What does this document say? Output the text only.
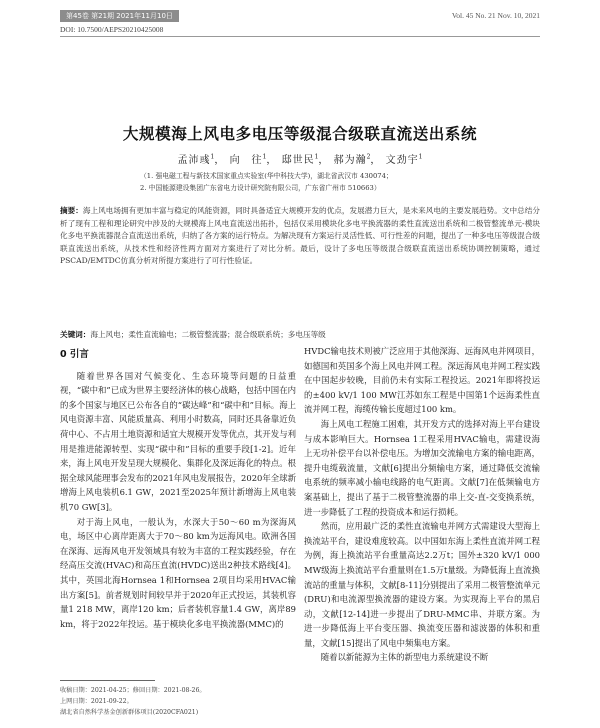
第45卷 第21期 2021年11月10日	Vol. 45 No. 21 Nov. 10, 2021
DOI: 10.7500/AEPS20210425008
大规模海上风电多电压等级混合级联直流送出系统
孟沛彧$^1$， 向　往$^1$， 邸世民$^1$， 郝为瀚$^2$， 文劲宇$^1$
（1. 强电磁工程与新技术国家重点实验室(华中科技大学)，湖北省武汉市 430074；
2. 中国能源建设集团广东省电力设计研究院有限公司，广东省广州市 510663）
摘要：海上风电场拥有更加丰富与稳定的风能资源，同时具备适宜大规模开发的优点，发展潜力巨大，是未来风电的主要发展趋势。文中总结分析了现有工程和理论研究中涉及的大规模海上风电直流送出拓扑，包括仅采用模块化多电平换流器的柔性直流送出系统和二极管整流单元-模块化多电平换流器混合直流送出系统，归纳了各方案的运行特点。为解决现有方案运行灵活性低、可行性差的问题，提出了一种多电压等级混合级联直流送出系统，从技术性和经济性两方面对方案进行了对比分析。最后，设计了多电压等级混合级联直流送出系统协调控制策略，通过PSCAD/EMTDC仿真分析对所提方案进行了可行性验证。
关键词：海上风电；柔性直流输电；二极管整流器；混合级联系统；多电压等级
0 引言

随着世界各国对气候变化、生态环境等问题的日益重视，“碳中和”已成为世界主要经济体的核心战略，包括中国在内的多个国家与地区已公布各自的“碳达峰”和“碳中和”目标。海上风电资源丰富、风能质量高、利用小时数高，同时还具备靠近负荷中心、不占用土地资源和适宜大规模开发等优点，其开发与利用是推进能源转型、实现“碳中和”目标的重要手段[1-2]。近年来，海上风电开发呈现大规模化、集群化及深远海化的特点。根据全球风能理事会发布的2021年风电发展报告，2020年全球新增海上风电装机6.1 GW，2021至2025年预计新增海上风电装机70 GW[3]。

对于海上风电，一般认为，水深大于50～60 m为深海风电，场区中心离岸距离大于70～80 km为远海风电。欧洲各国在深海、远海风电开发领域具有较为丰富的工程实践经验，存在经高压交流(HVAC)和高压直流(HVDC)送出2种技术路线[4]。其中，英国北海Hornsea 1和Hornsea 2项目均采用HVAC输出方案[5]。前者规划时间较早并于2020年正式投运，其装机容量1 218 MW，离岸120 km；后者装机容量1.4 GW，离岸89 km，将于2022年投运。基于模块化多电平换流器(MMC)的

HVDC输电技术则被广泛应用于其他深海、远海风电并网项目，如德国和英国多个海上风电并网工程。深远海风电并网工程实践在中国起步较晚，目前仍未有实际工程投运。2021年即将投运的±400 kV/1 100 MW江苏如东工程是中国第1个远海柔性直流并网工程，海缆传输长度超过100 km。

海上风电工程施工困难，其开发方式的选择对海上平台建设与成本影响巨大。Hornsea 1工程采用HVAC输电，需建设海上无功补偿平台以补偿电压。为增加交流输电方案的输电距离，提升电缆载流量，文献[6]提出分频输电方案，通过降低交流输电系统的频率减小输电线路的电气距离。文献[7]在低频输电方案基础上，提出了基于二极管整流器的串上交-直-交变换系统，进一步降低了工程的投资成本和运行损耗。

然而，应用最广泛的柔性直流输电并网方式需建设大型海上换流站平台，建设难度较高。以中国如东海上柔性直流并网工程为例，海上换流站平台重量高达2.2万t；国外±320 kV/1 000 MW级海上换流站平台重量则在1.5万t量级。为降低海上直流换流站的重量与体积，文献[8-11]分别提出了采用二极管整流单元(DRU)和电流源型换流器的建设方案。为实现海上平台的黑启动，文献[12-14]进一步提出了DRU-MMC串、并联方案。为进一步降低海上平台变压器、换流变压器和滤波器的体积和重量，文献[15]提出了风电中频集电方案。

随着以新能源为主体的新型电力系统建设不断

收稿日期：2021-04-25；修回日期：2021-08-26。
上网日期：2021-09-22。
湖北省自然科学基金创新群体项目(2020CFA021)
